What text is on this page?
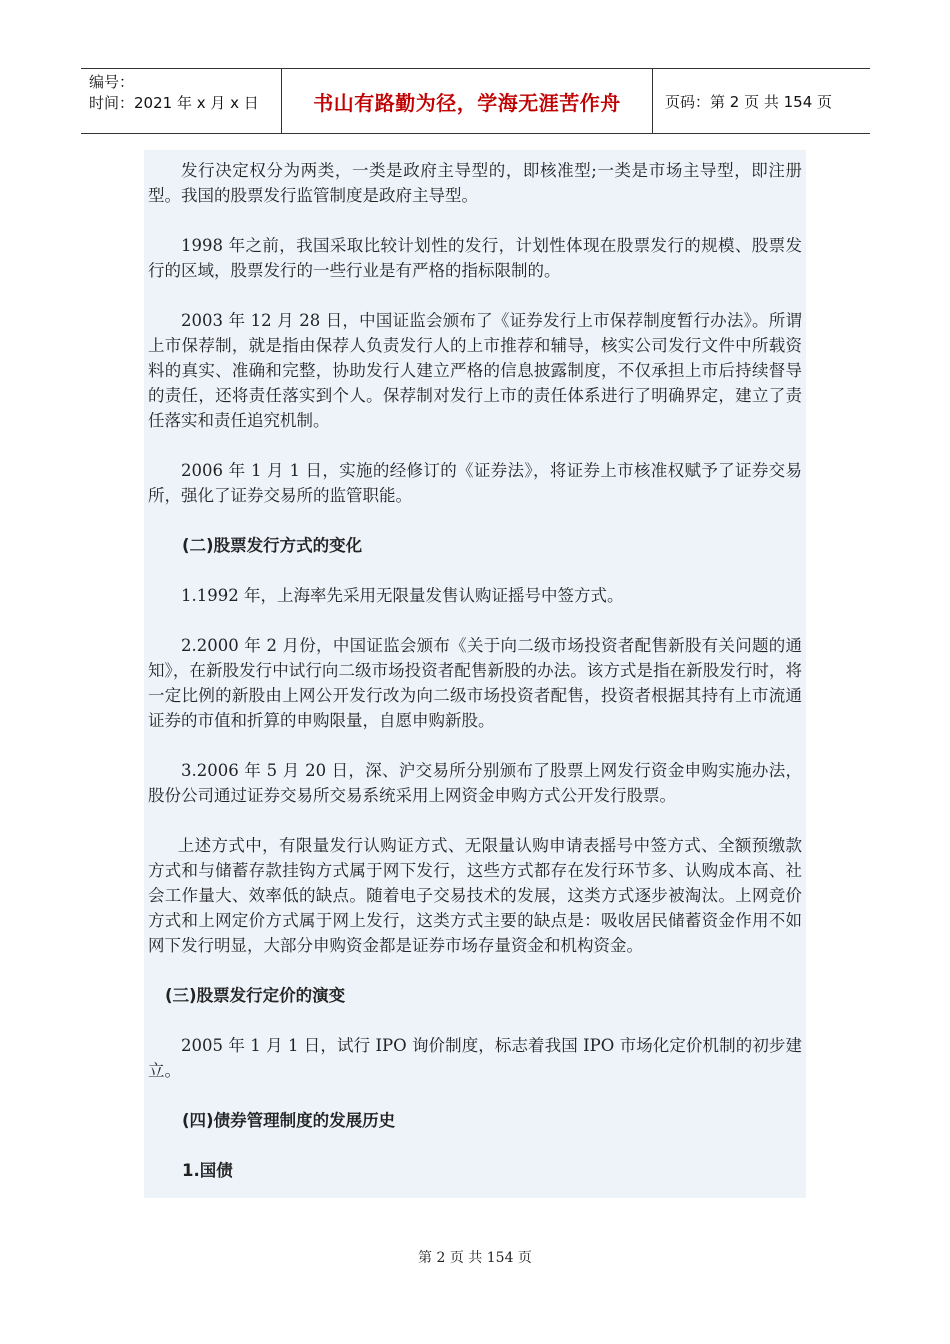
编号：
时间：2021 年 x 月 x 日	书山有路勤为径，学海无涯苦作舟	页码：第 2 页 共 154 页

发行决定权分为两类，一类是政府主导型的，即核准型;一类是市场主导型，即注册型。我国的股票发行监管制度是政府主导型。

1998 年之前，我国采取比较计划性的发行，计划性体现在股票发行的规模、股票发行的区域，股票发行的一些行业是有严格的指标限制的。

2003 年 12 月 28 日，中国证监会颁布了《证券发行上市保荐制度暂行办法》。所谓上市保荐制，就是指由保荐人负责发行人的上市推荐和辅导，核实公司发行文件中所载资料的真实、准确和完整，协助发行人建立严格的信息披露制度，不仅承担上市后持续督导的责任，还将责任落实到个人。保荐制对发行上市的责任体系进行了明确界定，建立了责任落实和责任追究机制。

2006 年 1 月 1 日，实施的经修订的《证券法》，将证券上市核准权赋予了证券交易所，强化了证券交易所的监管职能。

(二)股票发行方式的变化

1.1992 年，上海率先采用无限量发售认购证摇号中签方式。

2.2000 年 2 月份，中国证监会颁布《关于向二级市场投资者配售新股有关问题的通知》，在新股发行中试行向二级市场投资者配售新股的办法。该方式是指在新股发行时，将一定比例的新股由上网公开发行改为向二级市场投资者配售，投资者根据其持有上市流通证券的市值和折算的申购限量，自愿申购新股。

3.2006 年 5 月 20 日，深、沪交易所分别颁布了股票上网发行资金申购实施办法，股份公司通过证券交易所交易系统采用上网资金申购方式公开发行股票。

上述方式中，有限量发行认购证方式、无限量认购申请表摇号中签方式、全额预缴款方式和与储蓄存款挂钩方式属于网下发行，这些方式都存在发行环节多、认购成本高、社会工作量大、效率低的缺点。随着电子交易技术的发展，这类方式逐步被淘汰。上网竞价方式和上网定价方式属于网上发行，这类方式主要的缺点是：吸收居民储蓄资金作用不如网下发行明显，大部分申购资金都是证券市场存量资金和机构资金。

(三)股票发行定价的演变

2005 年 1 月 1 日，试行 IPO 询价制度，标志着我国 IPO 市场化定价机制的初步建立。

(四)债券管理制度的发展历史
1.国债
第 2 页 共 154 页
